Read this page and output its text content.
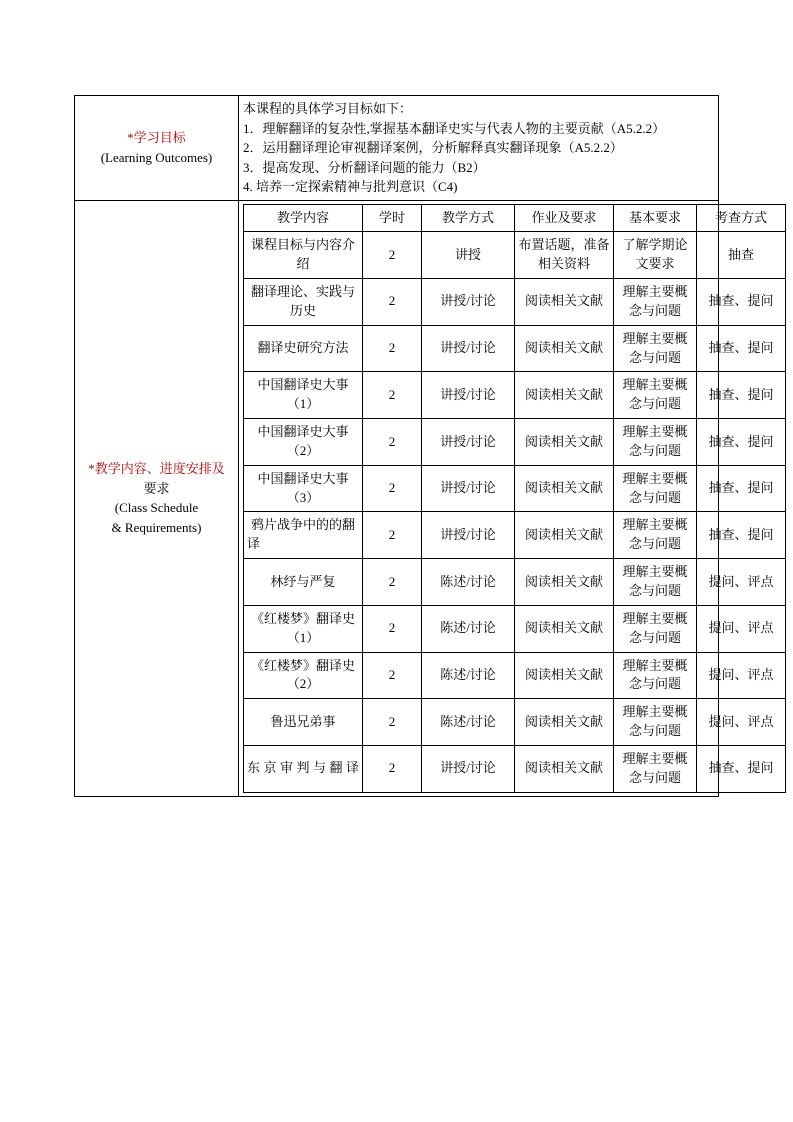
*学习目标
(Learning Outcomes)

本课程的具体学习目标如下：
1．理解翻译的复杂性,掌握基本翻译史实与代表人物的主要贡献（A5.2.2）
2．运用翻译理论审视翻译案例，分析解释真实翻译现象（A5.2.2）
3．提高发现、分析翻译问题的能力（B2）
4. 培养一定探索精神与批判意识（C4)

*教学内容、进度安排及
要求
(Class Schedule
& Requirements)

教学内容	学时	教学方式	作业及要求	基本要求	考查方式
课程目标与内容介绍	2	讲授	布置话题，准备相关资料	了解学期论文要求	抽查
翻译理论、实践与历史	2	讲授/讨论	阅读相关文献	理解主要概念与问题	抽查、提问
翻译史研究方法	2	讲授/讨论	阅读相关文献	理解主要概念与问题	抽查、提问
中国翻译史大事（1）	2	讲授/讨论	阅读相关文献	理解主要概念与问题	抽查、提问
中国翻译史大事（2）	2	讲授/讨论	阅读相关文献	理解主要概念与问题	抽查、提问
中国翻译史大事（3）	2	讲授/讨论	阅读相关文献	理解主要概念与问题	抽查、提问
鸦片战争中的的翻译	2	讲授/讨论	阅读相关文献	理解主要概念与问题	抽查、提问
林纾与严复	2	陈述/讨论	阅读相关文献	理解主要概念与问题	提问、评点
《红楼梦》翻译史（1）	2	陈述/讨论	阅读相关文献	理解主要概念与问题	提问、评点
《红楼梦》翻译史（2）	2	陈述/讨论	阅读相关文献	理解主要概念与问题	提问、评点
鲁迅兄弟事	2	陈述/讨论	阅读相关文献	理解主要概念与问题	提问、评点
东京审判与翻译	2	讲授/讨论	阅读相关文献	理解主要概念与问题	抽查、提问
